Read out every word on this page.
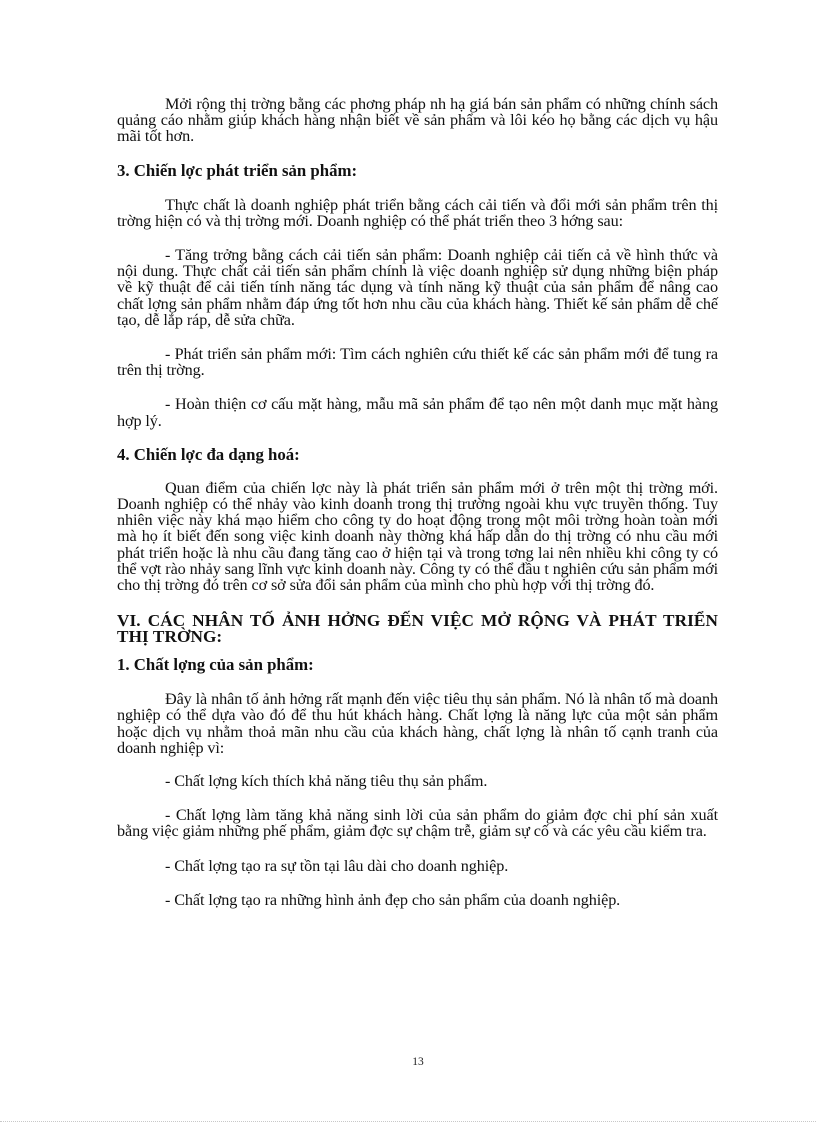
Mởi rộng thị trờng bằng các phơng pháp nh hạ giá bán sản phẩm có những chính sách quảng cáo nhằm giúp khách hàng nhận biết về sản phẩm và lôi kéo họ bằng các dịch vụ hậu mãi tốt hơn.

3. Chiến lợc phát triển sản phẩm:

Thực chất là doanh nghiệp phát triển bằng cách cải tiến và đổi mới sản phẩm trên thị trờng hiện có và thị trờng mới. Doanh nghiệp có thể phát triển theo 3 hớng sau:

- Tăng trởng bằng cách cải tiến sản phẩm: Doanh nghiệp cải tiến cả về hình thức và nội dung. Thực chất cải tiến sản phẩm chính là việc doanh nghiệp sử dụng những biện pháp về kỹ thuật để cải tiến tính năng tác dụng và tính năng kỹ thuật của sản phẩm để nâng cao chất lợng sản phẩm nhằm đáp ứng tốt hơn nhu cầu của khách hàng. Thiết kế sản phẩm dễ chế tạo, dễ lắp ráp, dễ sửa chữa.

- Phát triển sản phẩm mới: Tìm cách nghiên cứu thiết kế các sản phẩm mới để tung ra trên thị trờng.

- Hoàn thiện cơ cấu mặt hàng, mẫu mã sản phẩm để tạo nên một danh mục mặt hàng hợp lý.

4. Chiến lợc đa dạng hoá:

Quan điểm của chiến lợc này là phát triển sản phẩm mới ở trên một thị trờng mới. Doanh nghiệp có thể nhảy vào kinh doanh trong thị trường ngoài khu vực truyền thống. Tuy nhiên việc này khá mạo hiểm cho công ty do hoạt động trong một môi trờng hoàn toàn mới mà họ ít biết đến song việc kinh doanh này thờng khá hấp dẫn do thị trờng có nhu cầu mới phát triển hoặc là nhu cầu đang tăng cao ở hiện tại và trong tơng lai nên nhiều khi công ty có thể vợt rào nhảy sang lĩnh vực kinh doanh này. Công ty có thể đầu t nghiên cứu sản phẩm mới cho thị trờng đó trên cơ sở sửa đổi sản phẩm của mình cho phù hợp với thị trờng đó.

VI. CÁC NHÂN TỐ ẢNH HỞNG ĐẾN VIỆC MỞ RỘNG VÀ PHÁT TRIỂN THỊ TRỜNG:
1. Chất lợng của sản phẩm:

Đây là nhân tố ảnh hởng rất mạnh đến việc tiêu thụ sản phẩm. Nó là nhân tố mà doanh nghiệp có thể dựa vào đó để thu hút khách hàng. Chất lợng là năng lực của một sản phẩm hoặc dịch vụ nhằm thoả mãn nhu cầu của khách hàng, chất lợng là nhân tố cạnh tranh của doanh nghiệp vì:

- Chất lợng kích thích khả năng tiêu thụ sản phẩm.

- Chất lợng làm tăng khả năng sinh lời của sản phẩm do giảm đợc chi phí sản xuất bằng việc giảm những phế phẩm, giảm đợc sự chậm trễ, giảm sự cố và các yêu cầu kiểm tra.

- Chất lợng tạo ra sự tồn tại lâu dài cho doanh nghiệp.

- Chất lợng tạo ra những hình ảnh đẹp cho sản phẩm của doanh nghiệp.

13
